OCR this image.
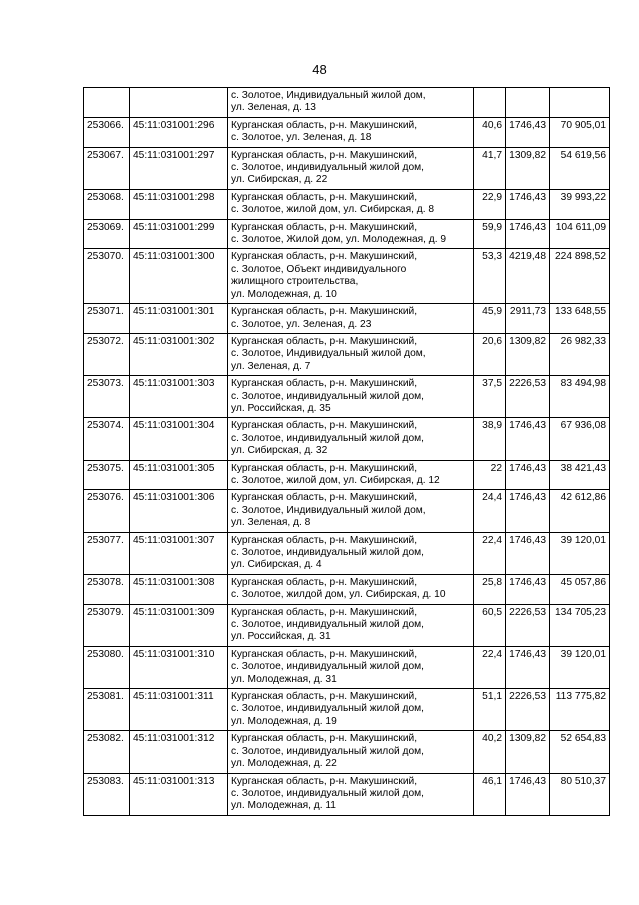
48

		с. Золотое, Индивидуальный жилой дом,
ул. Зеленая, д. 13			

253066.	45:11:031001:296	Курганская область, р-н. Макушинский,
с. Золотое, ул. Зеленая, д. 18	40,6	1746,43	70 905,01
253067.	45:11:031001:297	Курганская область, р-н. Макушинский,
с. Золотое, индивидуальный жилой дом,
ул. Сибирская, д. 22	41,7	1309,82	54 619,56
253068.	45:11:031001:298	Курганская область, р-н. Макушинский,
с. Золотое, жилой дом, ул. Сибирская, д. 8	22,9	1746,43	39 993,22
253069.	45:11:031001:299	Курганская область, р-н. Макушинский,
с. Золотое, Жилой дом, ул. Молодежная, д. 9	59,9	1746,43	104 611,09
253070.	45:11:031001:300	Курганская область, р-н. Макушинский,
с. Золотое, Объект индивидуального
жилищного строительства,
ул. Молодежная, д. 10	53,3	4219,48	224 898,52
253071.	45:11:031001:301	Курганская область, р-н. Макушинский,
с. Золотое, ул. Зеленая, д. 23	45,9	2911,73	133 648,55
253072.	45:11:031001:302	Курганская область, р-н. Макушинский,
с. Золотое, Индивидуальный жилой дом,
ул. Зеленая, д. 7	20,6	1309,82	26 982,33
253073.	45:11:031001:303	Курганская область, р-н. Макушинский,
с. Золотое, индивидуальный жилой дом,
ул. Российская, д. 35	37,5	2226,53	83 494,98
253074.	45:11:031001:304	Курганская область, р-н. Макушинский,
с. Золотое, индивидуальный жилой дом,
ул. Сибирская, д. 32	38,9	1746,43	67 936,08
253075.	45:11:031001:305	Курганская область, р-н. Макушинский,
с. Золотое, жилой дом, ул. Сибирская, д. 12	22	1746,43	38 421,43
253076.	45:11:031001:306	Курганская область, р-н. Макушинский,
с. Золотое, Индивидуальный жилой дом,
ул. Зеленая, д. 8	24,4	1746,43	42 612,86
253077.	45:11:031001:307	Курганская область, р-н. Макушинский,
с. Золотое, индивидуальный жилой дом,
ул. Сибирская, д. 4	22,4	1746,43	39 120,01
253078.	45:11:031001:308	Курганская область, р-н. Макушинский,
с. Золотое, жилдой дом, ул. Сибирская, д. 10	25,8	1746,43	45 057,86
253079.	45:11:031001:309	Курганская область, р-н. Макушинский,
с. Золотое, индивидуальный жилой дом,
ул. Российская, д. 31	60,5	2226,53	134 705,23
253080.	45:11:031001:310	Курганская область, р-н. Макушинский,
с. Золотое, индивидуальный жилой дом,
ул. Молодежная, д. 31	22,4	1746,43	39 120,01
253081.	45:11:031001:311	Курганская область, р-н. Макушинский,
с. Золотое, индивидуальный жилой дом,
ул. Молодежная, д. 19	51,1	2226,53	113 775,82
253082.	45:11:031001:312	Курганская область, р-н. Макушинский,
с. Золотое, индивидуальный жилой дом,
ул. Молодежная, д. 22	40,2	1309,82	52 654,83
253083.	45:11:031001:313	Курганская область, р-н. Макушинский,
с. Золотое, индивидуальный жилой дом,
ул. Молодежная, д. 11	46,1	1746,43	80 510,37
